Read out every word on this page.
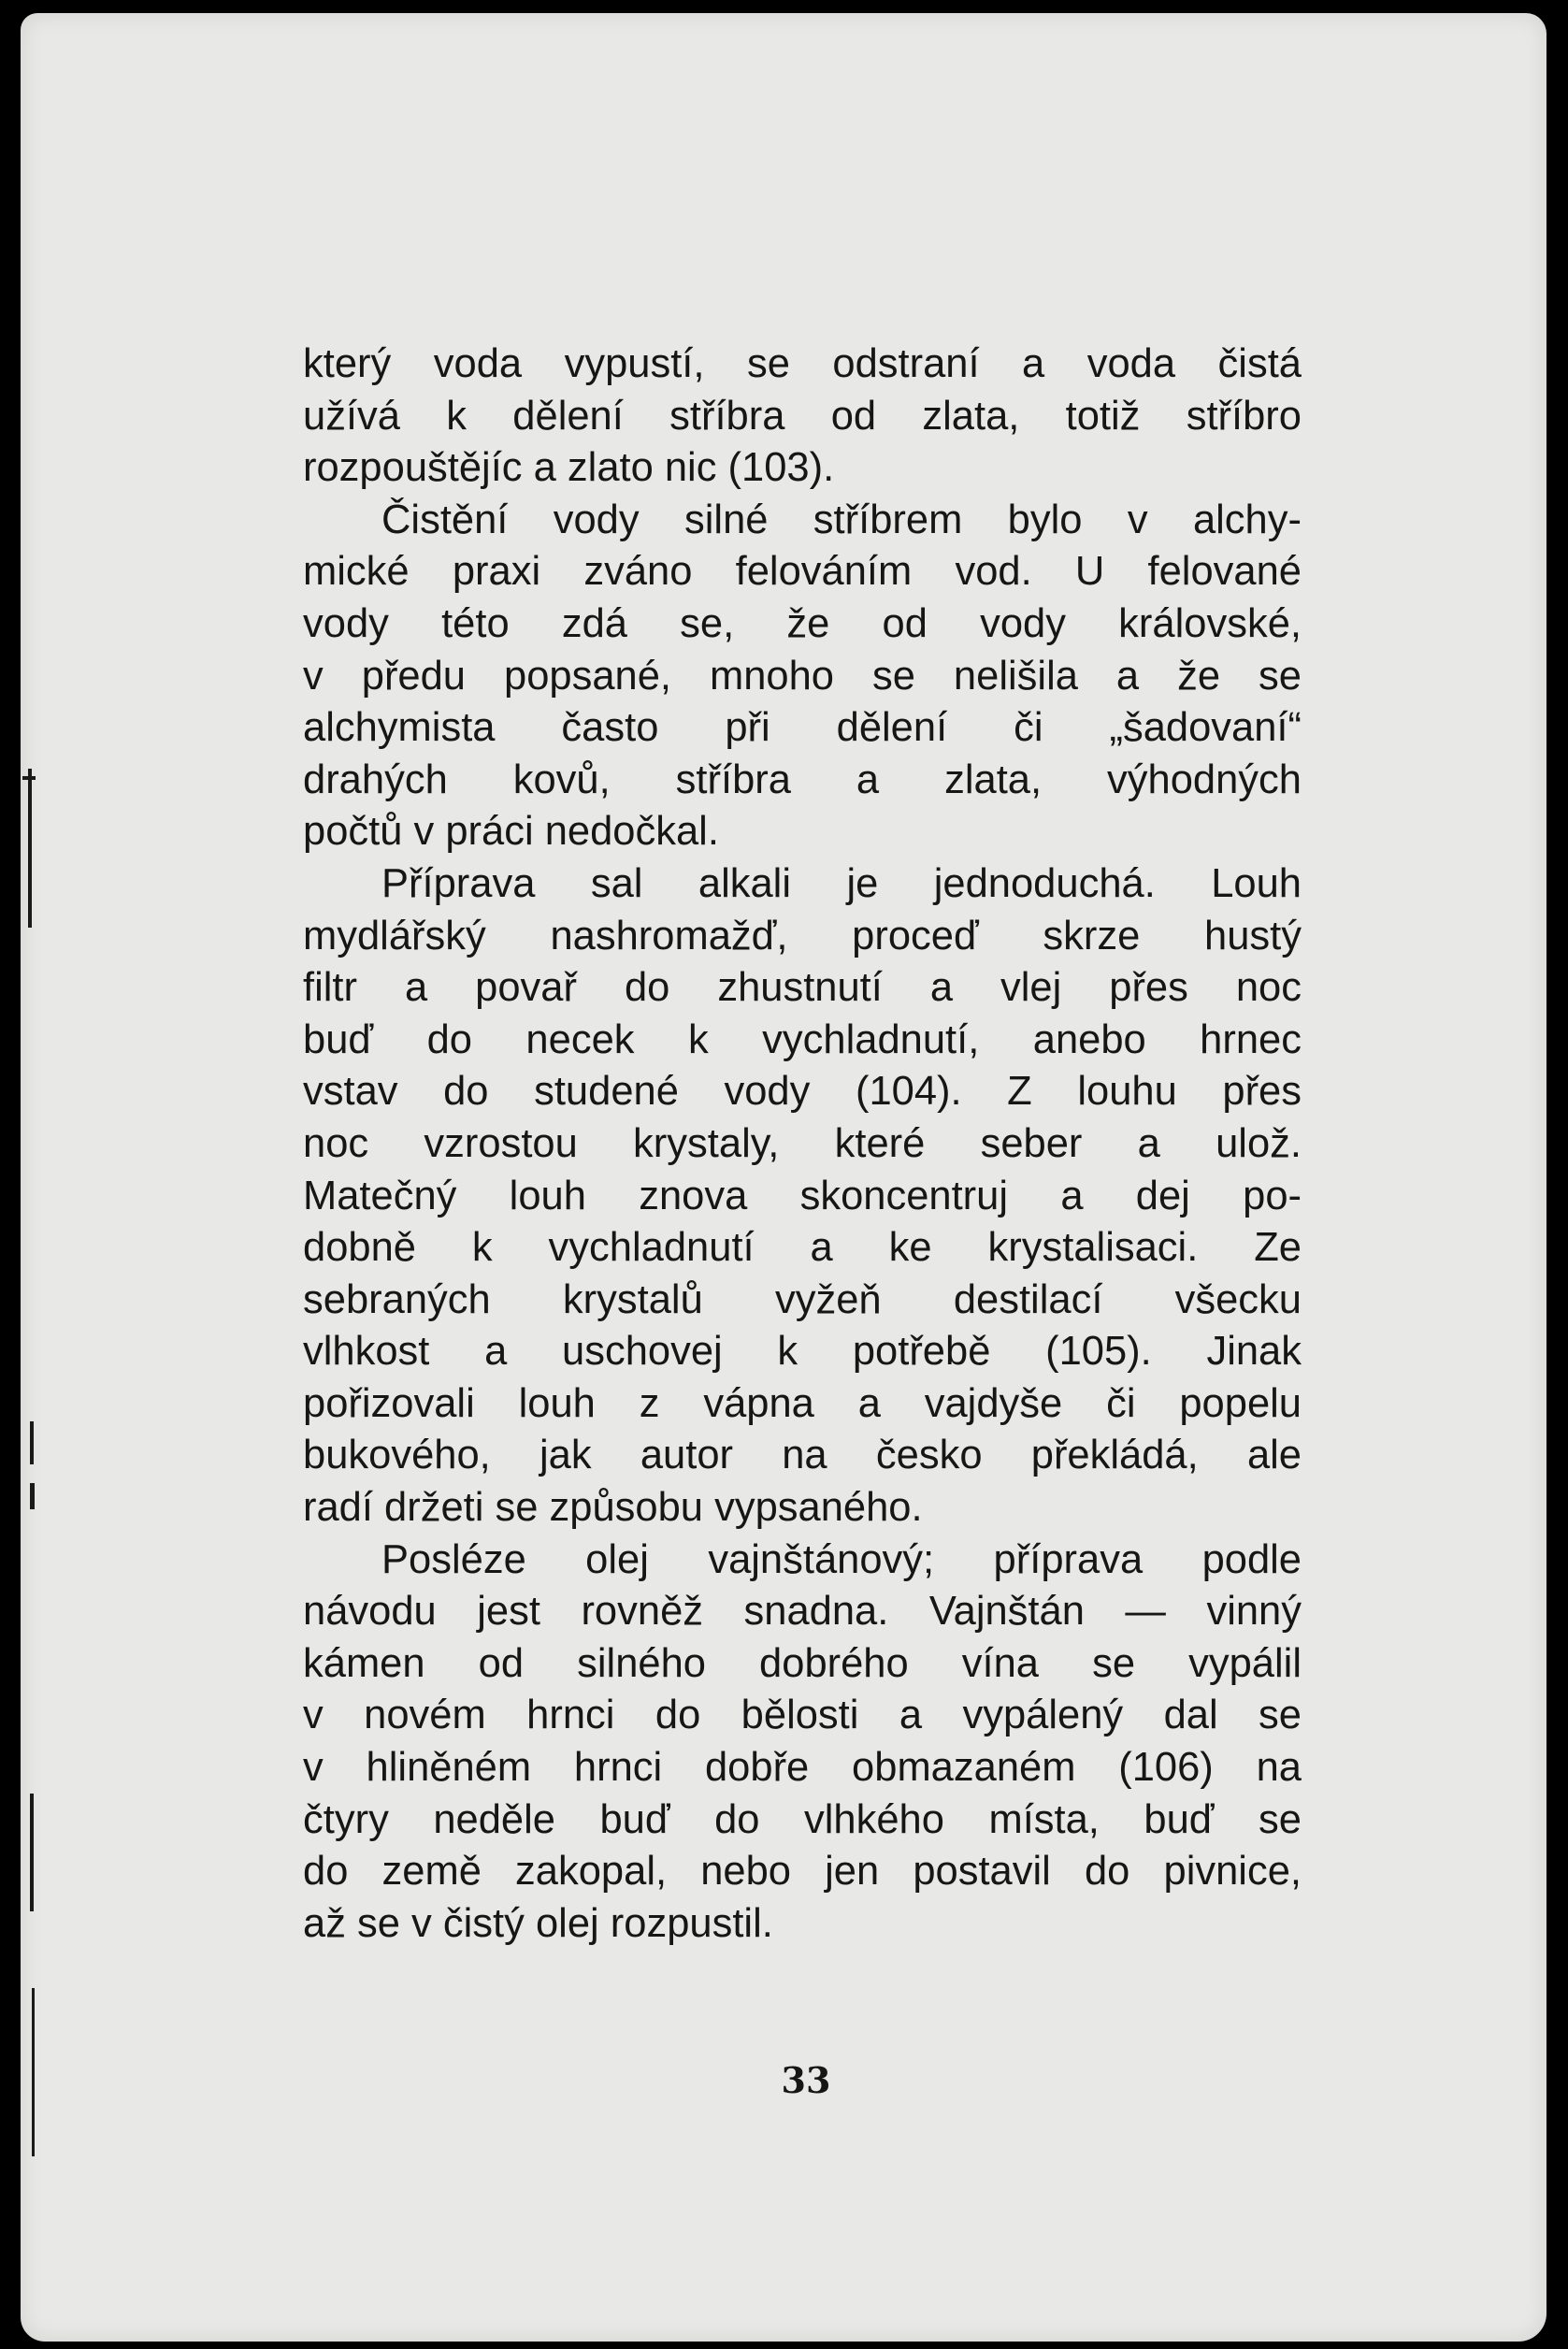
který voda vypustí, se odstraní a voda čistá
užívá k dělení stříbra od zlata, totiž stříbro
rozpouštějíc a zlato nic (103).
Čistění vody silné stříbrem bylo v alchy-
mické praxi zváno felováním vod. U felované
vody této zdá se, že od vody královské,
v předu popsané, mnoho se nelišila a že se
alchymista často při dělení či „šadovaní“
drahých kovů, stříbra a zlata, výhodných
počtů v práci nedočkal.
Příprava sal alkali je jednoduchá. Louh
mydlářský nashromažď, proceď skrze hustý
filtr a povař do zhustnutí a vlej přes noc
buď do necek k vychladnutí, anebo hrnec
vstav do studené vody (104). Z louhu přes
noc vzrostou krystaly, které seber a ulož.
Matečný louh znova skoncentruj a dej po-
dobně k vychladnutí a ke krystalisaci. Ze
sebraných krystalů vyžeň destilací všecku
vlhkost a uschovej k potřebě (105). Jinak
pořizovali louh z vápna a vajdyše či popelu
bukového, jak autor na česko překládá, ale
radí držeti se způsobu vypsaného.
Posléze olej vajnštánový; příprava podle
návodu jest rovněž snadna. Vajnštán — vinný
kámen od silného dobrého vína se vypálil
v novém hrnci do bělosti a vypálený dal se
v hliněném hrnci dobře obmazaném (106) na
čtyry neděle buď do vlhkého místa, buď se
do země zakopal, nebo jen postavil do pivnice,
až se v čistý olej rozpustil.
33
